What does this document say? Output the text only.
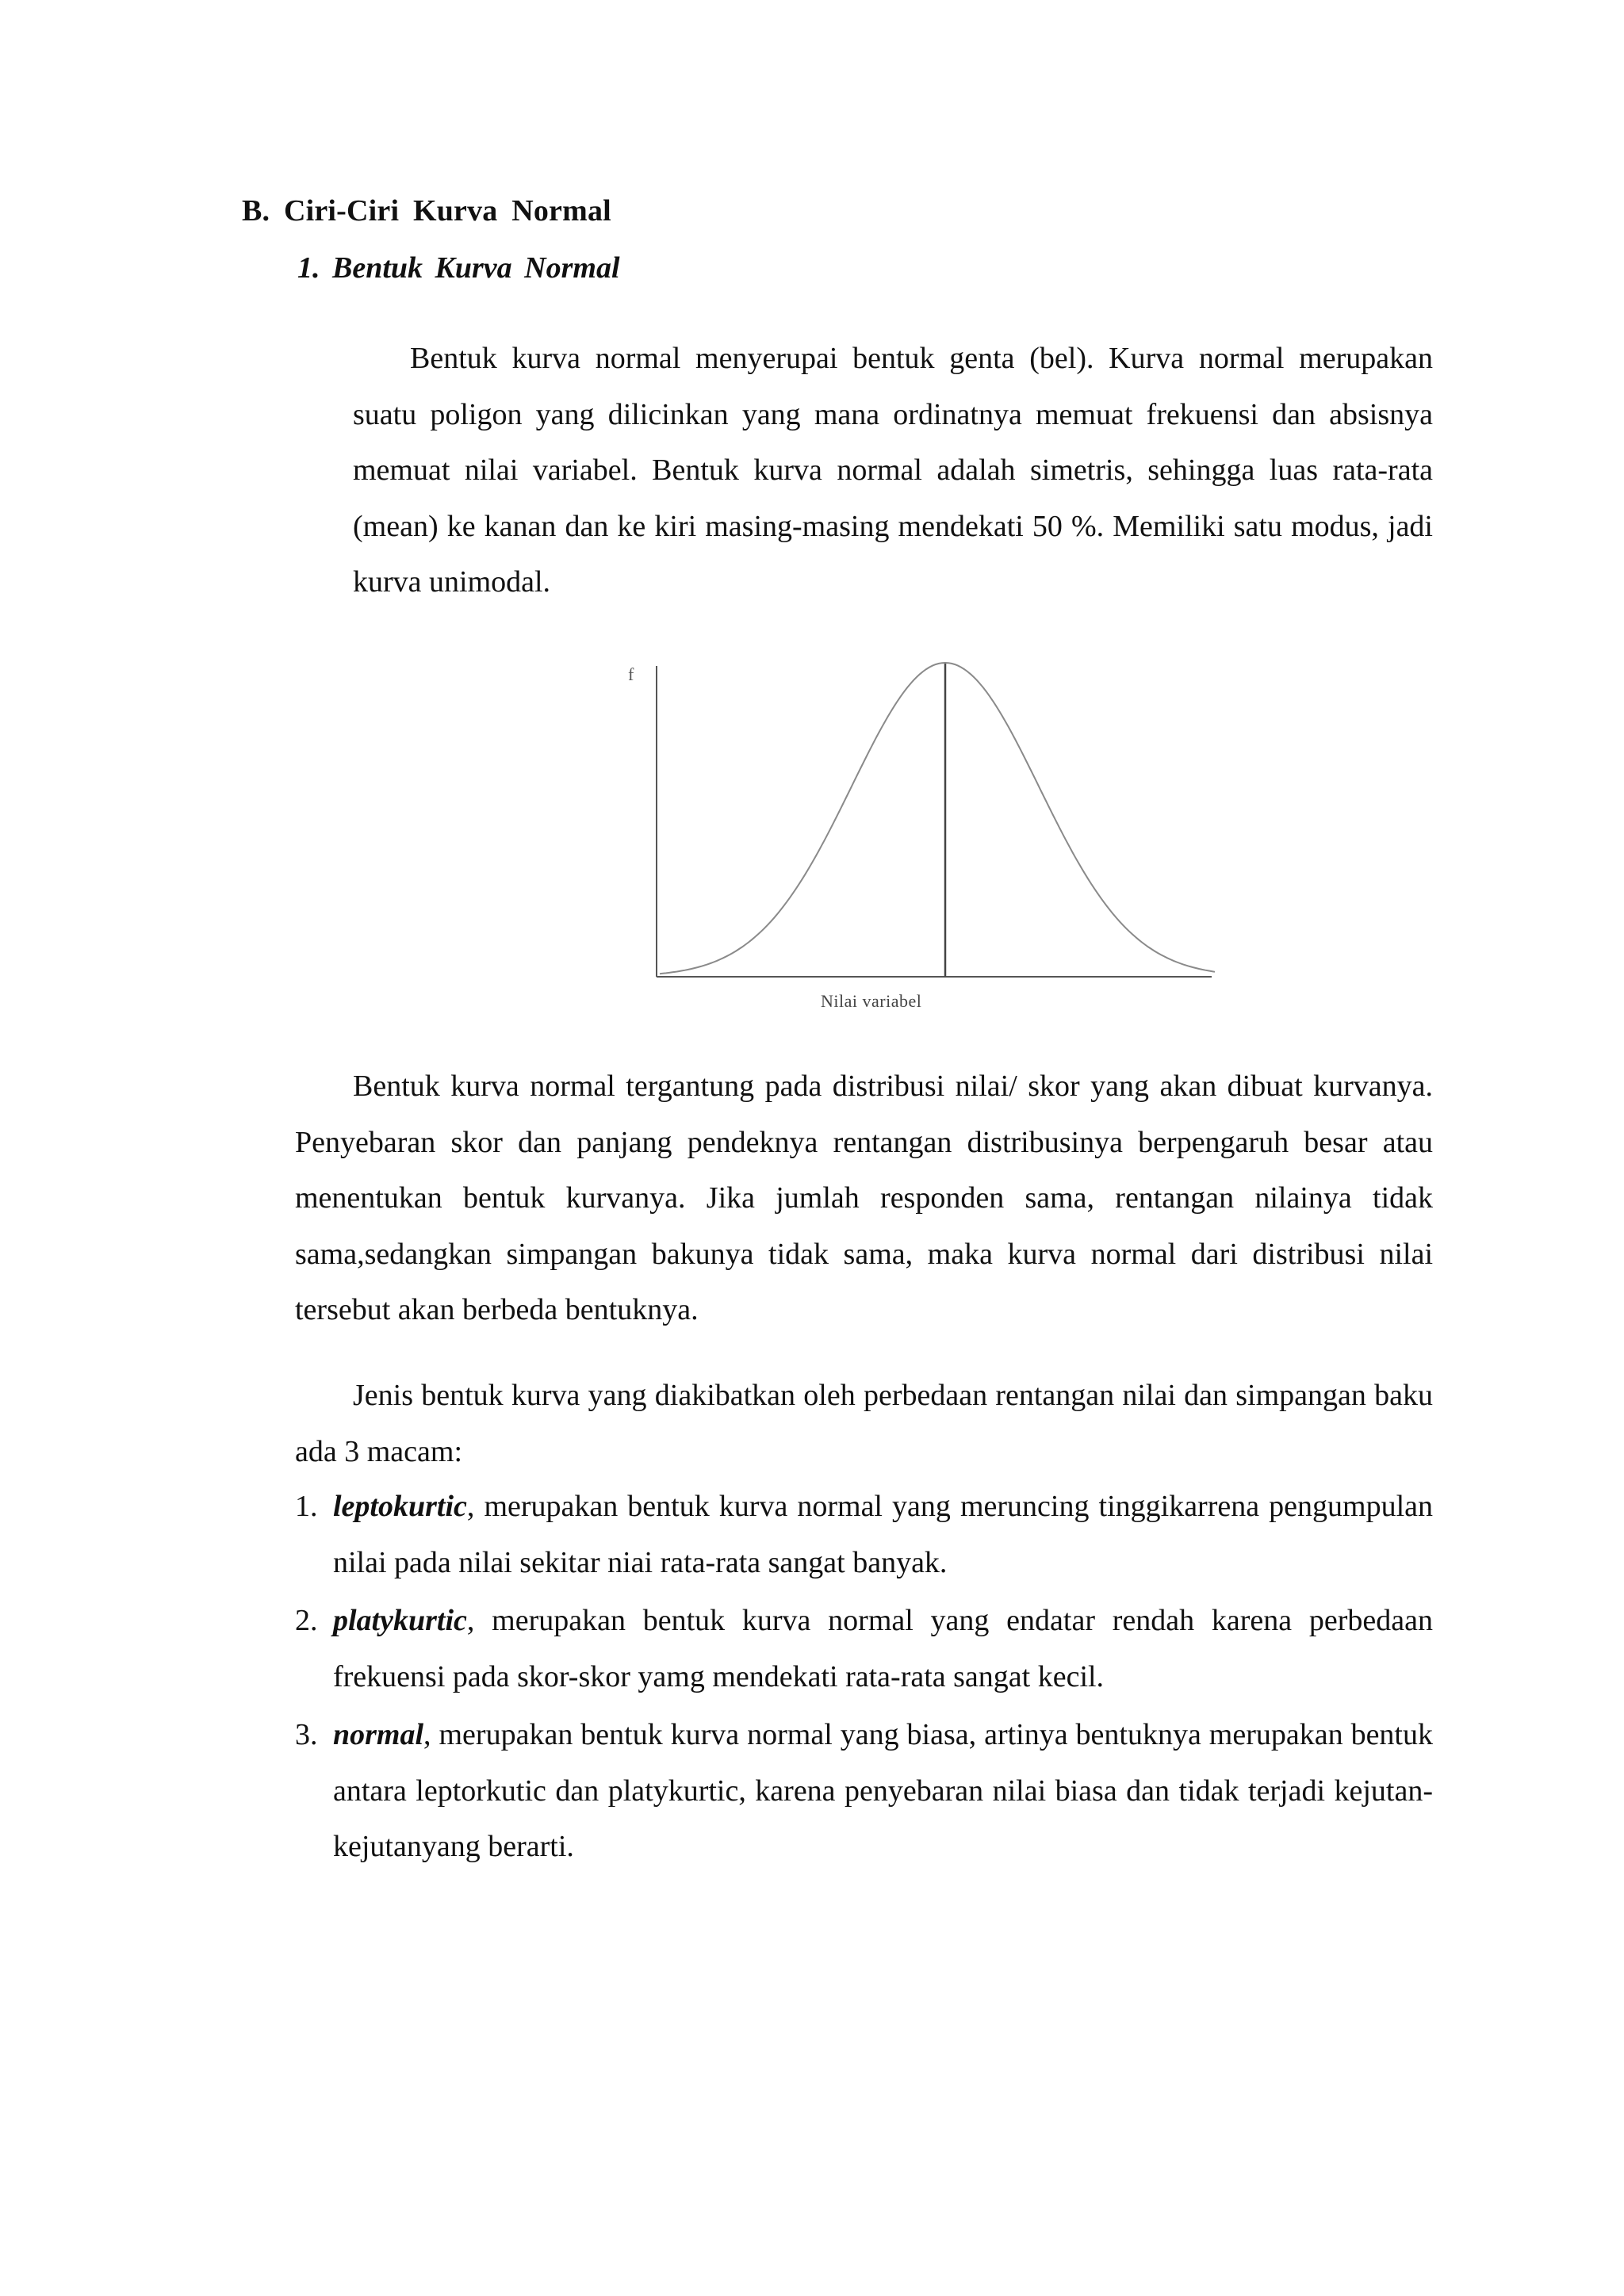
B. Ciri-Ciri Kurva Normal
1. Bentuk Kurva Normal

Bentuk kurva normal menyerupai bentuk genta (bel). Kurva normal merupakan suatu poligon yang dilicinkan yang mana ordinatnya memuat frekuensi dan absisnya memuat nilai variabel. Bentuk kurva normal adalah simetris, sehingga luas rata-rata (mean) ke kanan dan ke kiri masing-masing mendekati 50 %. Memiliki satu modus, jadi kurva unimodal.

f
Nilai variabel

Bentuk kurva normal tergantung pada distribusi nilai/ skor yang akan dibuat kurvanya. Penyebaran skor dan panjang pendeknya rentangan distribusinya berpengaruh besar atau menentukan bentuk kurvanya. Jika jumlah responden sama, rentangan nilainya tidak sama,sedangkan simpangan bakunya tidak sama, maka kurva normal dari distribusi nilai tersebut akan berbeda bentuknya.

Jenis bentuk kurva yang diakibatkan oleh perbedaan rentangan nilai dan simpangan baku ada 3 macam:

1. leptokurtic, merupakan bentuk kurva normal yang meruncing tinggikarrena pengumpulan nilai pada nilai sekitar niai rata-rata sangat banyak.
2. platykurtic, merupakan bentuk kurva normal yang endatar rendah karena perbedaan frekuensi pada skor-skor yamg mendekati rata-rata sangat kecil.
3. normal, merupakan bentuk kurva normal yang biasa, artinya bentuknya merupakan bentuk antara leptorkutic dan platykurtic, karena penyebaran nilai biasa dan tidak terjadi kejutan-kejutanyang berarti.
